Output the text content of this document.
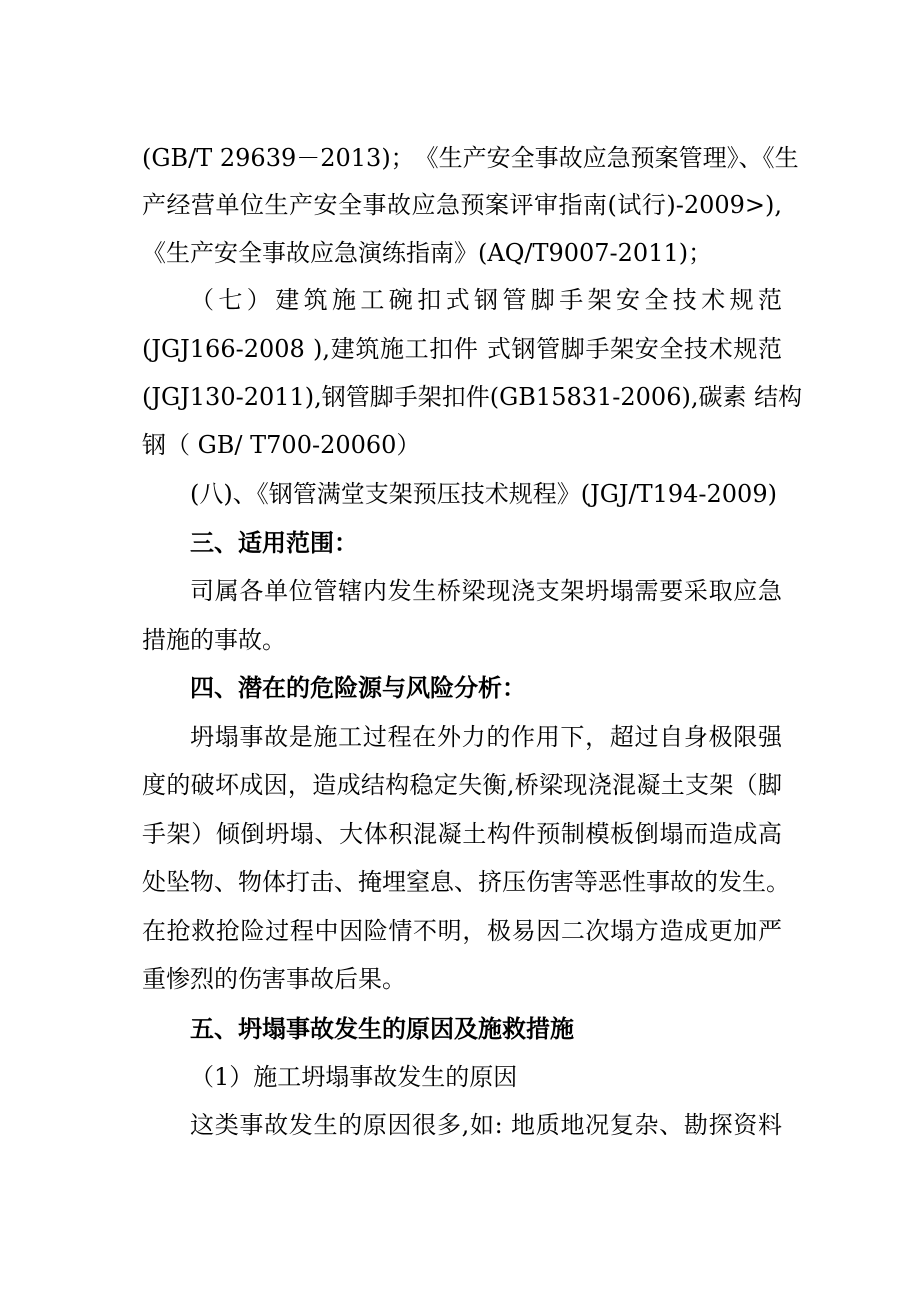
(GB/T 29639－2013)；　《生产安全事故应急预案管理》、《生
产经营单位生产安全事故应急预案评审指南(试行)-2009>),
《生产安全事故应急演练指南》(AQ/T9007-2011)；
（七）建筑施工碗扣式钢管脚手架安全技术规范
(JGJ166-2008 ),建筑施工扣件 式钢管脚手架安全技术规范
(JGJ130-2011),钢管脚手架扣件(GB15831-2006),碳素 结构
钢（ GB/ T700-20060）
(八)、《钢管满堂支架预压技术规程》(JGJ/T194-2009)
三、适用范围：
司属各单位管辖内发生桥梁现浇支架坍塌需要采取应急
措施的事故。
四、潜在的危险源与风险分析：
坍塌事故是施工过程在外力的作用下，超过自身极限强
度的破坏成因，造成结构稳定失衡,桥梁现浇混凝土支架（脚
手架）倾倒坍塌、大体积混凝土构件预制模板倒塌而造成高
处坠物、物体打击、掩埋窒息、挤压伤害等恶性事故的发生。
在抢救抢险过程中因险情不明，极易因二次塌方造成更加严
重惨烈的伤害事故后果。
五、坍塌事故发生的原因及施救措施
（1）施工坍塌事故发生的原因
这类事故发生的原因很多,如: 地质地况复杂、勘探资料
